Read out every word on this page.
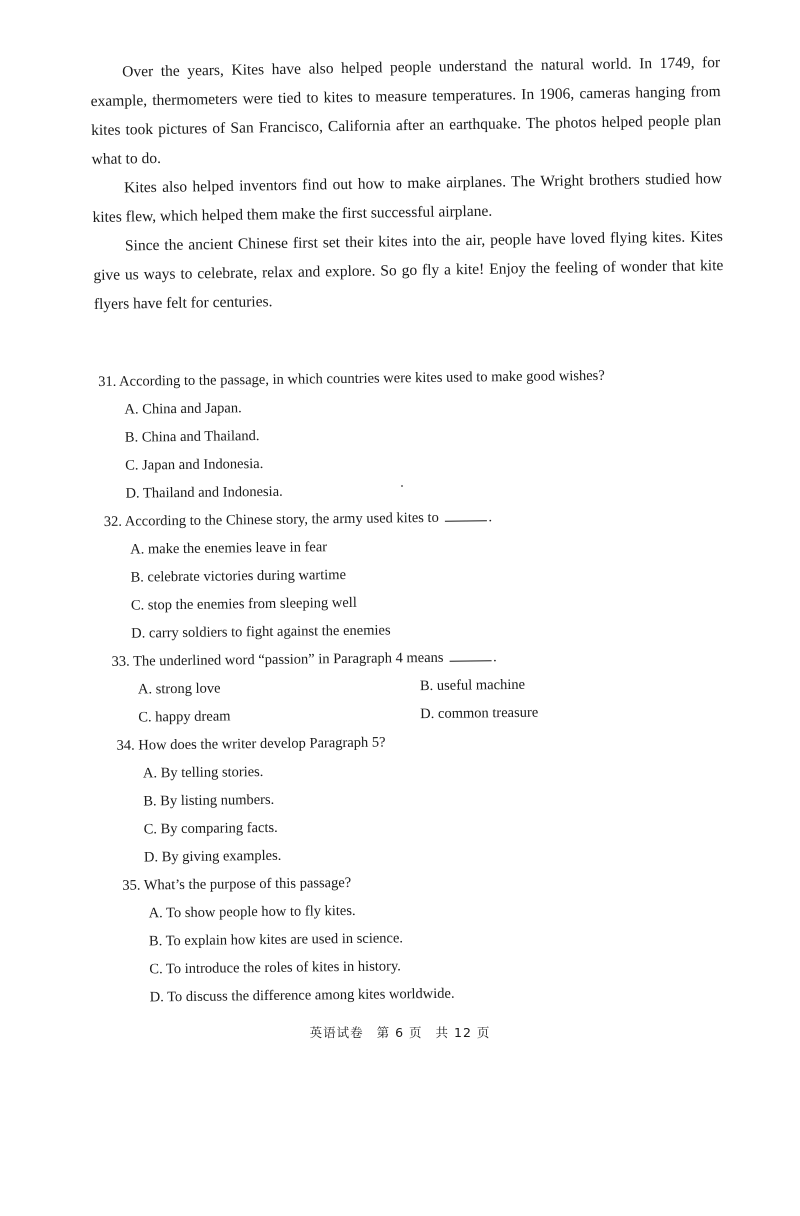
Over the years, Kites have also helped people understand the natural world. In 1749, for example, thermometers were tied to kites to measure temperatures. In 1906, cameras hanging from kites took pictures of San Francisco, California after an earthquake. The photos helped people plan what to do.

Kites also helped inventors find out how to make airplanes. The Wright brothers studied how kites flew, which helped them make the first successful airplane.

Since the ancient Chinese first set their kites into the air, people have loved flying kites. Kites give us ways to celebrate, relax and explore. So go fly a kite! Enjoy the feeling of wonder that kite flyers have felt for centuries.

31. According to the passage, in which countries were kites used to make good wishes?
A. China and Japan.
B. China and Thailand.
C. Japan and Indonesia.
D. Thailand and Indonesia.
32. According to the Chinese story, the army used kites to	.
A. make the enemies leave in fear
B. celebrate victories during wartime
C. stop the enemies from sleeping well
D. carry soldiers to fight against the enemies
33. The underlined word “passion” in Paragraph 4 means	.
A. strong love	B. useful machine
C. happy dream	D. common treasure
34. How does the writer develop Paragraph 5?
A. By telling stories.
B. By listing numbers.
C. By comparing facts.
D. By giving examples.
35. What’s the purpose of this passage?
A. To show people how to fly kites.
B. To explain how kites are used in science.
C. To introduce the roles of kites in history.
D. To discuss the difference among kites worldwide.
英语试卷 第 6 页 共 12 页
